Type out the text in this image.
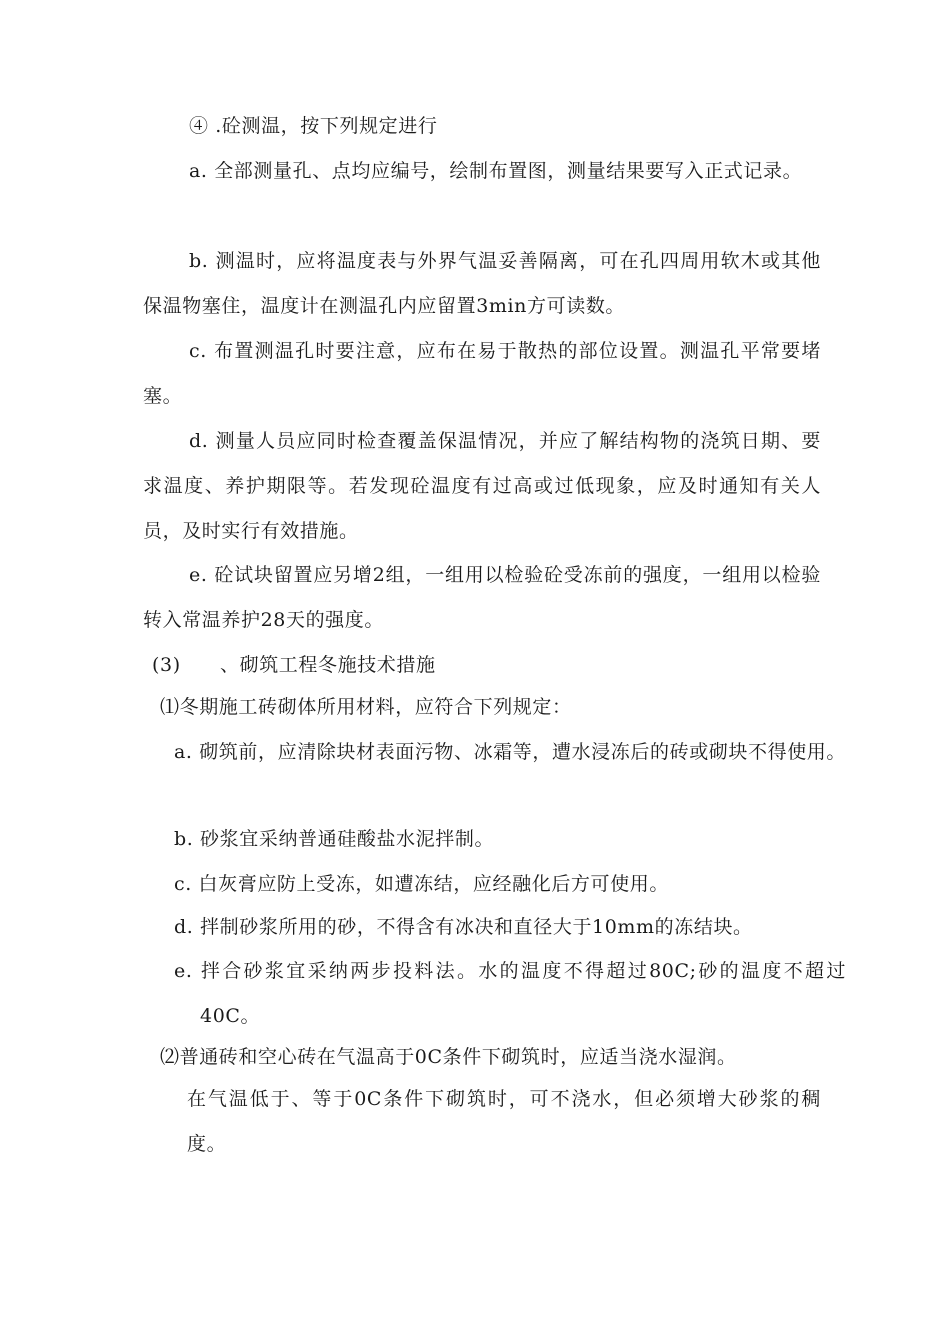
④ .砼测温，按下列规定进行

a. 全部测量孔、点均应编号，绘制布置图，测量结果要写入正式记录。

b. 测温时，应将温度表与外界气温妥善隔离，可在孔四周用软木或其他保温物塞住，温度计在测温孔内应留置3min方可读数。

c. 布置测温孔时要注意，应布在易于散热的部位设置。测温孔平常要堵塞。

d. 测量人员应同时检查覆盖保温情况，并应了解结构物的浇筑日期、要求温度、养护期限等。若发现砼温度有过高或过低现象，应及时通知有关人员，及时实行有效措施。

e. 砼试块留置应另增2组，一组用以检验砼受冻前的强度，一组用以检验转入常温养护28天的强度。

(3) 、砌筑工程冬施技术措施

⑴冬期施工砖砌体所用材料，应符合下列规定：

a. 砌筑前，应清除块材表面污物、冰霜等，遭水浸冻后的砖或砌块不得使用。

b. 砂浆宜采纳普通硅酸盐水泥拌制。

c. 白灰膏应防上受冻，如遭冻结，应经融化后方可使用。

d. 拌制砂浆所用的砂，不得含有冰决和直径大于10mm的冻结块。

e. 拌合砂浆宜采纳两步投料法。水的温度不得超过80C;砂的温度不超过40C。

⑵普通砖和空心砖在气温高于0C条件下砌筑时，应适当浇水湿润。

在气温低于、等于0C条件下砌筑时，可不浇水，但必须增大砂浆的稠度。
